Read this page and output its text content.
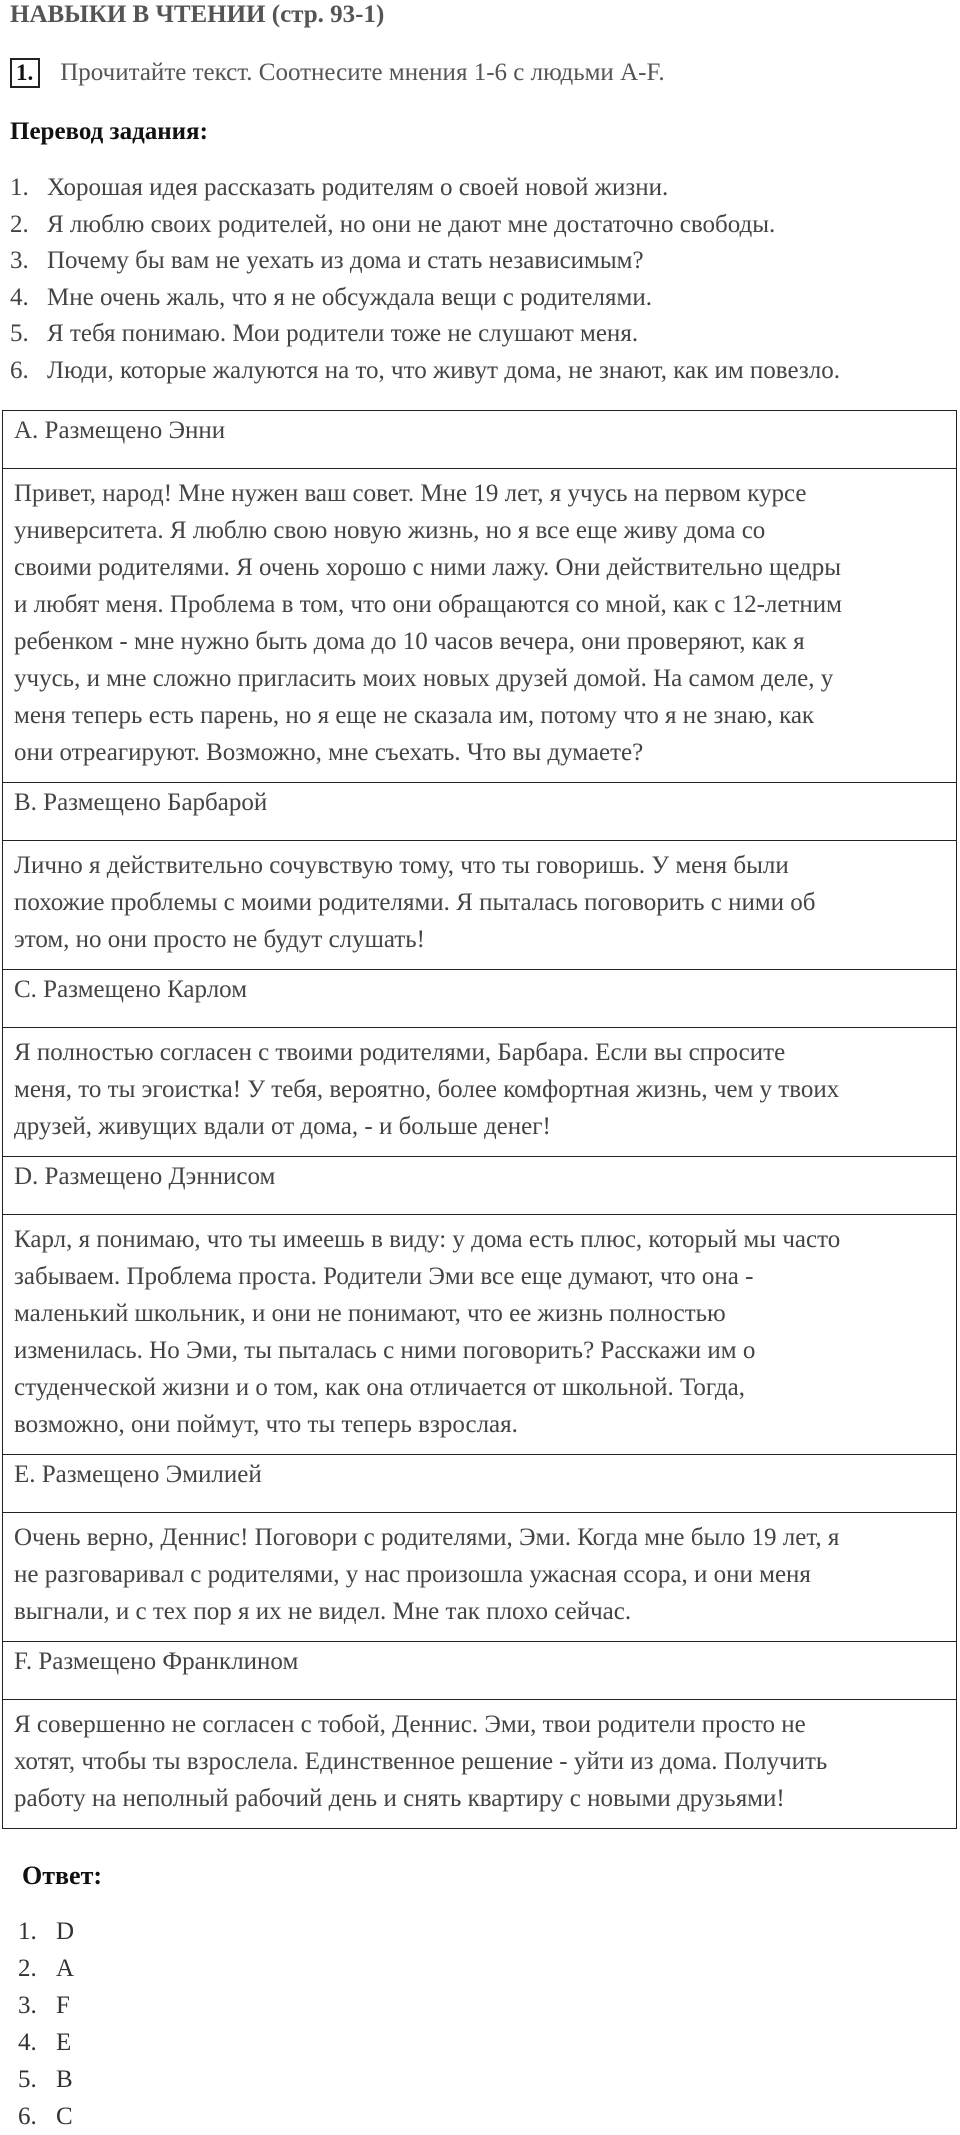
НАВЫКИ В ЧТЕНИИ (стр. 93-1)
1. Прочитайте текст. Соотнесите мнения 1-6 с людьми A-F.
Перевод задания:
1. Хорошая идея рассказать родителям о своей новой жизни.
2. Я люблю своих родителей, но они не дают мне достаточно свободы.
3. Почему бы вам не уехать из дома и стать независимым?
4. Мне очень жаль, что я не обсуждала вещи с родителями.
5. Я тебя понимаю. Мои родители тоже не слушают меня.
6. Люди, которые жалуются на то, что живут дома, не знают, как им повезло.
A. Размещено Энни

Привет, народ! Мне нужен ваш совет. Мне 19 лет, я учусь на первом курсе
университета. Я люблю свою новую жизнь, но я все еще живу дома со
своими родителями. Я очень хорошо с ними лажу. Они действительно щедры
и любят меня. Проблема в том, что они обращаются со мной, как с 12-летним
ребенком - мне нужно быть дома до 10 часов вечера, они проверяют, как я
учусь, и мне сложно пригласить моих новых друзей домой. На самом деле, у
меня теперь есть парень, но я еще не сказала им, потому что я не знаю, как
они отреагируют. Возможно, мне съехать. Что вы думаете?

B. Размещено Барбарой

Лично я действительно сочувствую тому, что ты говоришь. У меня были
похожие проблемы с моими родителями. Я пыталась поговорить с ними об
этом, но они просто не будут слушать!

C. Размещено Карлом

Я полностью согласен с твоими родителями, Барбара. Если вы спросите
меня, то ты эгоистка! У тебя, вероятно, более комфортная жизнь, чем у твоих
друзей, живущих вдали от дома, - и больше денег!

D. Размещено Дэннисом

Карл, я понимаю, что ты имеешь в виду: у дома есть плюс, который мы часто
забываем. Проблема проста. Родители Эми все еще думают, что она -
маленький школьник, и они не понимают, что ее жизнь полностью
изменилась. Но Эми, ты пыталась с ними поговорить? Расскажи им о
студенческой жизни и о том, как она отличается от школьной. Тогда,
возможно, они поймут, что ты теперь взрослая.

E. Размещено Эмилией

Очень верно, Деннис! Поговори с родителями, Эми. Когда мне было 19 лет, я
не разговаривал с родителями, у нас произошла ужасная ссора, и они меня
выгнали, и с тех пор я их не видел. Мне так плохо сейчас.

F. Размещено Франклином

Я совершенно не согласен с тобой, Деннис. Эми, твои родители просто не
хотят, чтобы ты взрослела. Единственное решение - уйти из дома. Получить
работу на неполный рабочий день и снять квартиру с новыми друзьями!
Ответ:
1. D
2. A
3. F
4. E
5. B
6. C
